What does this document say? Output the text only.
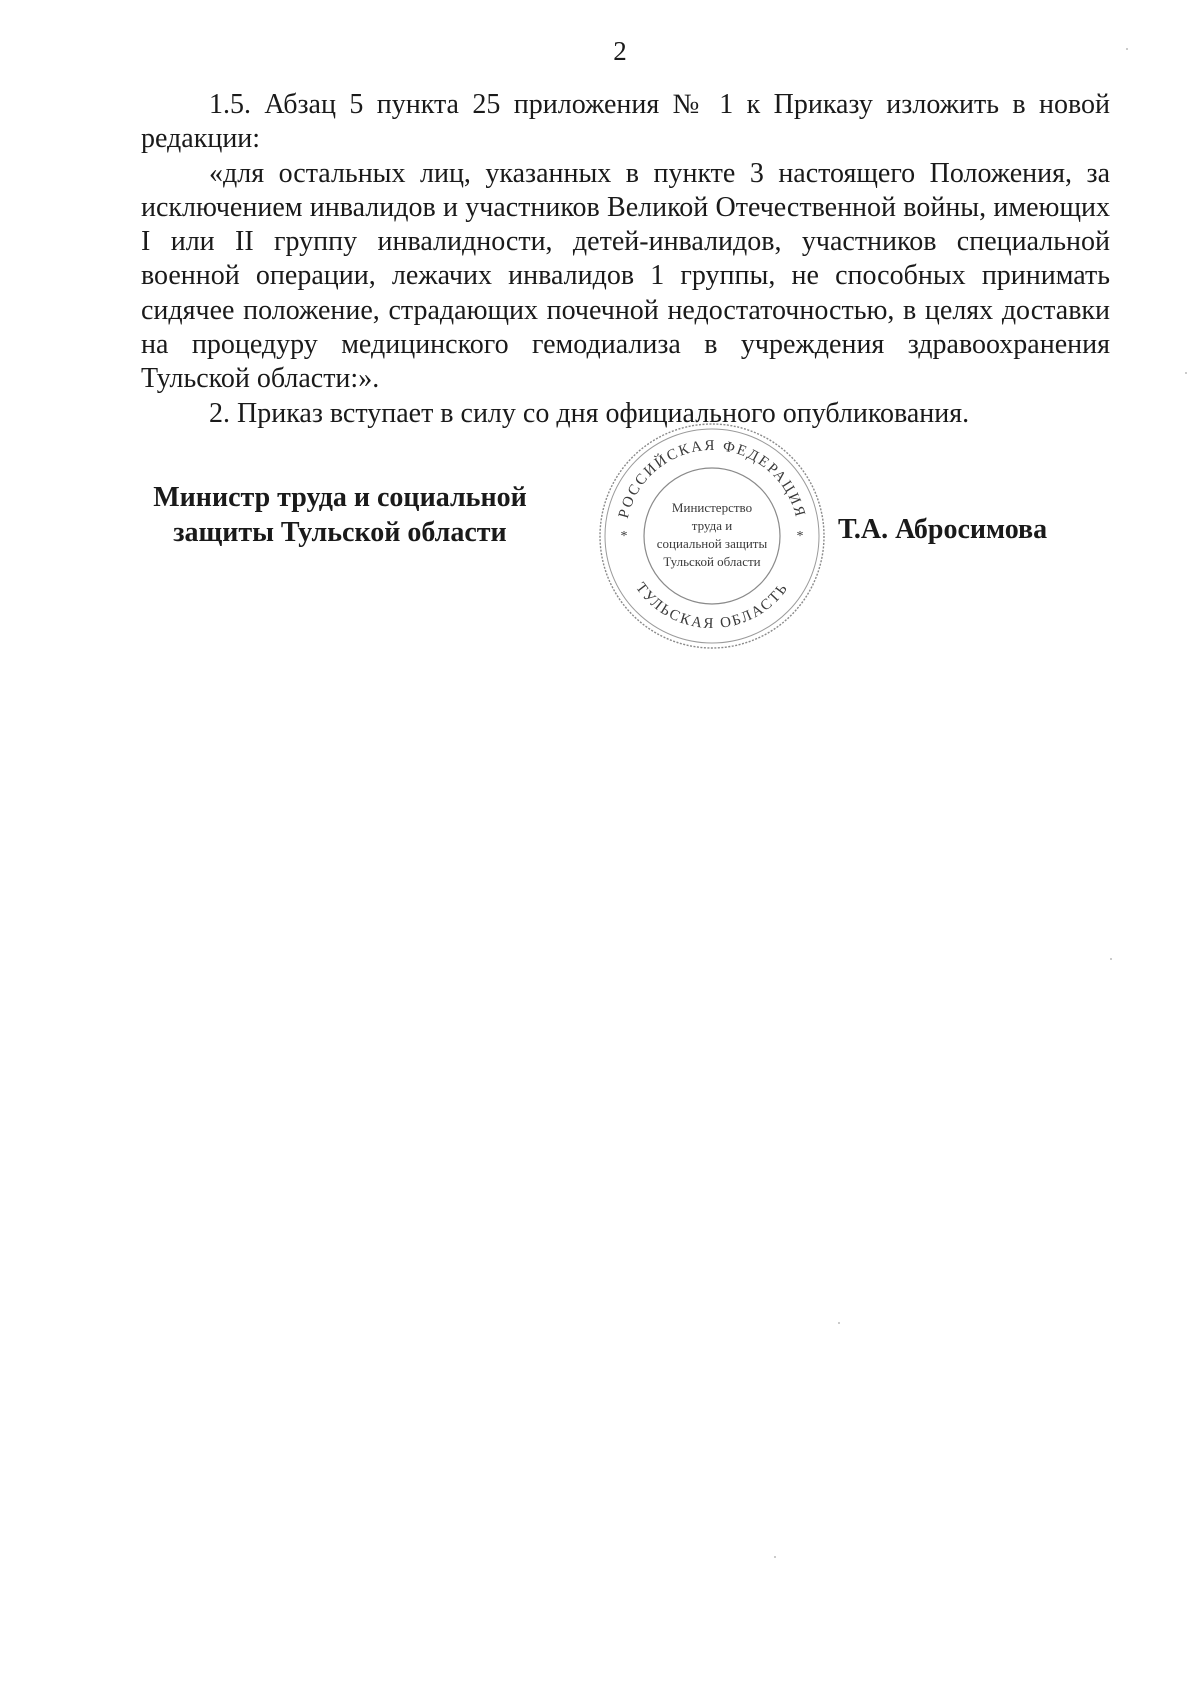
2

1.5. Абзац 5 пункта 25 приложения № 1 к Приказу изложить в новой редакции:

«для остальных лиц, указанных в пункте 3 настоящего Положения, за исключением инвалидов и участников Великой Отечественной войны, имеющих I или II группу инвалидности, детей-инвалидов, участников специальной военной операции, лежачих инвалидов 1 группы, не способных принимать сидячее положение, страдающих почечной недостаточностью, в целях доставки на процедуру медицинского гемодиализа в учреждения здравоохранения Тульской области:».

2. Приказ вступает в силу со дня официального опубликования.

Министр труда и социальной
защиты Тульской области
РОССИЙСКАЯ ФЕДЕРАЦИЯ
ТУЛЬСКАЯ ОБЛАСТЬ
*	*
Министерство
труда и
социальной защиты
Тульской области
Т.А. Абросимова
